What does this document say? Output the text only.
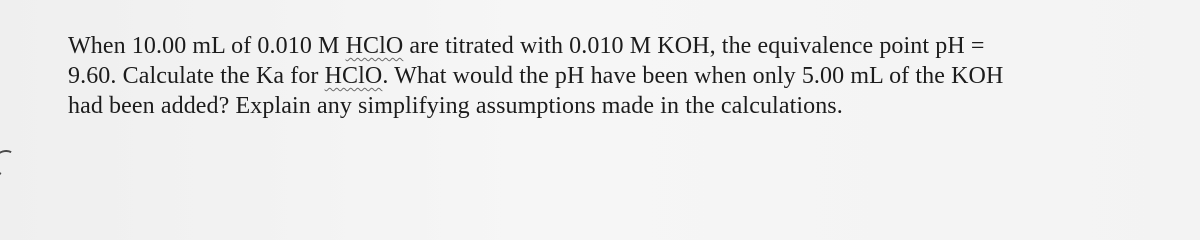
When 10.00 mL of 0.010 M HClO are titrated with 0.010 M KOH, the equivalence point pH =
9.60. Calculate the Ka for HClO. What would the pH have been when only 5.00 mL of the KOH
had been added? Explain any simplifying assumptions made in the calculations.
